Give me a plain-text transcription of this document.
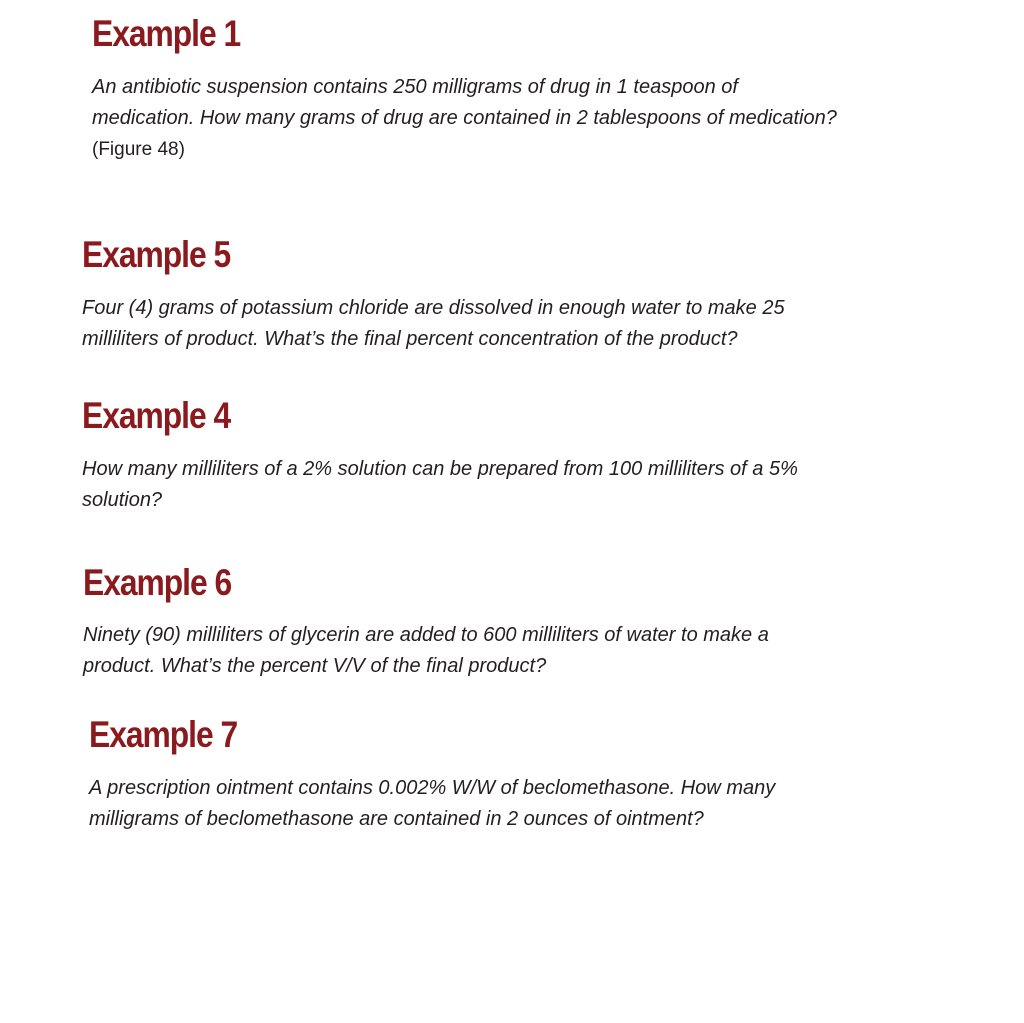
Example 1

An antibiotic suspension contains 250 milligrams of drug in 1 teaspoon of
medication. How many grams of drug are contained in 2 tablespoons of medication?
(Figure 48)

Example 5

Four (4) grams of potassium chloride are dissolved in enough water to make 25
milliliters of product. What’s the final percent concentration of the product?

Example 4

How many milliliters of a 2% solution can be prepared from 100 milliliters of a 5%
solution?

Example 6

Ninety (90) milliliters of glycerin are added to 600 milliliters of water to make a
product. What’s the percent V/V of the final product?

Example 7

A prescription ointment contains 0.002% W/W of beclomethasone. How many
milligrams of beclomethasone are contained in 2 ounces of ointment?
